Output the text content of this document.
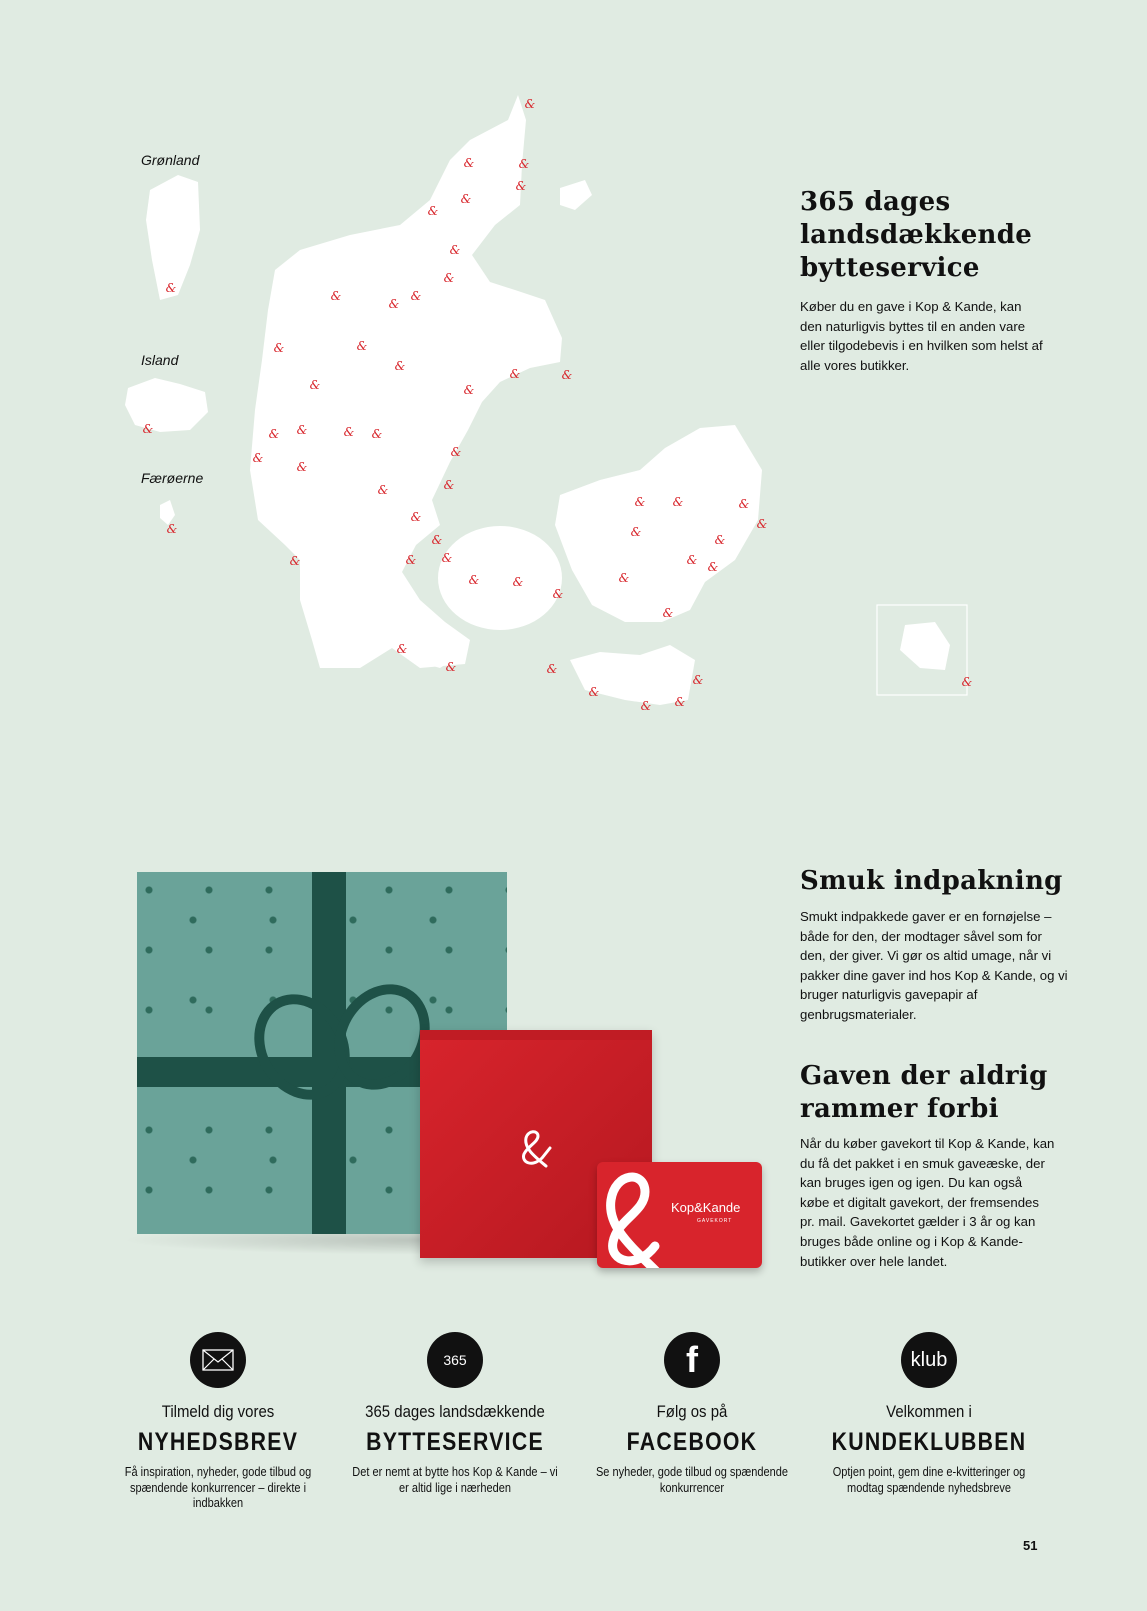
Grønland
Island
Færøerne
&
&	&
&
&
&
&
&
&
&
&
&
&	&
&
&	&
&	&
&	& &	& &
&
&
&
&	&
&
&
&
&
&
&	&
&
&
&
&
&
&
& &
&
&
&
&
&
&	&
&
&
& &
&
365 dages
landsdækkende
bytteservice
Køber du en gave i Kop & Kande, kan den naturligvis byttes til en anden vare eller tilgodebevis i en hvilken som helst af alle vores butikker.
Kop&Kande
GAVEKORT
Smuk indpakning
Smukt indpakkede gaver er en fornøjelse – både for den, der modtager såvel som for den, der giver. Vi gør os altid umage, når vi pakker dine gaver ind hos Kop & Kande, og vi bruger naturligvis gavepapir af genbrugsmaterialer.
Gaven der aldrig
rammer forbi
Når du køber gavekort til Kop & Kande, kan du få det pakket i en smuk gaveæske, der kan bruges igen og igen. Du kan også købe et digitalt gavekort, der fremsendes pr. mail. Gavekortet gælder i 3 år og kan bruges både online og i Kop & Kande-butikker over hele landet.
Tilmeld dig vores
NYHEDSBREV
Få inspiration, nyheder, gode tilbud og spændende konkurrencer – direkte i indbakken
365
365 dages landsdækkende
BYTTESERVICE
Det er nemt at bytte hos Kop & Kande – vi er altid lige i nærheden
f
Følg os på
FACEBOOK
Se nyheder, gode tilbud og spændende konkurrencer
klub
Velkommen i
KUNDEKLUBBEN
Optjen point, gem dine e-kvitteringer og modtag spændende nyhedsbreve
51
